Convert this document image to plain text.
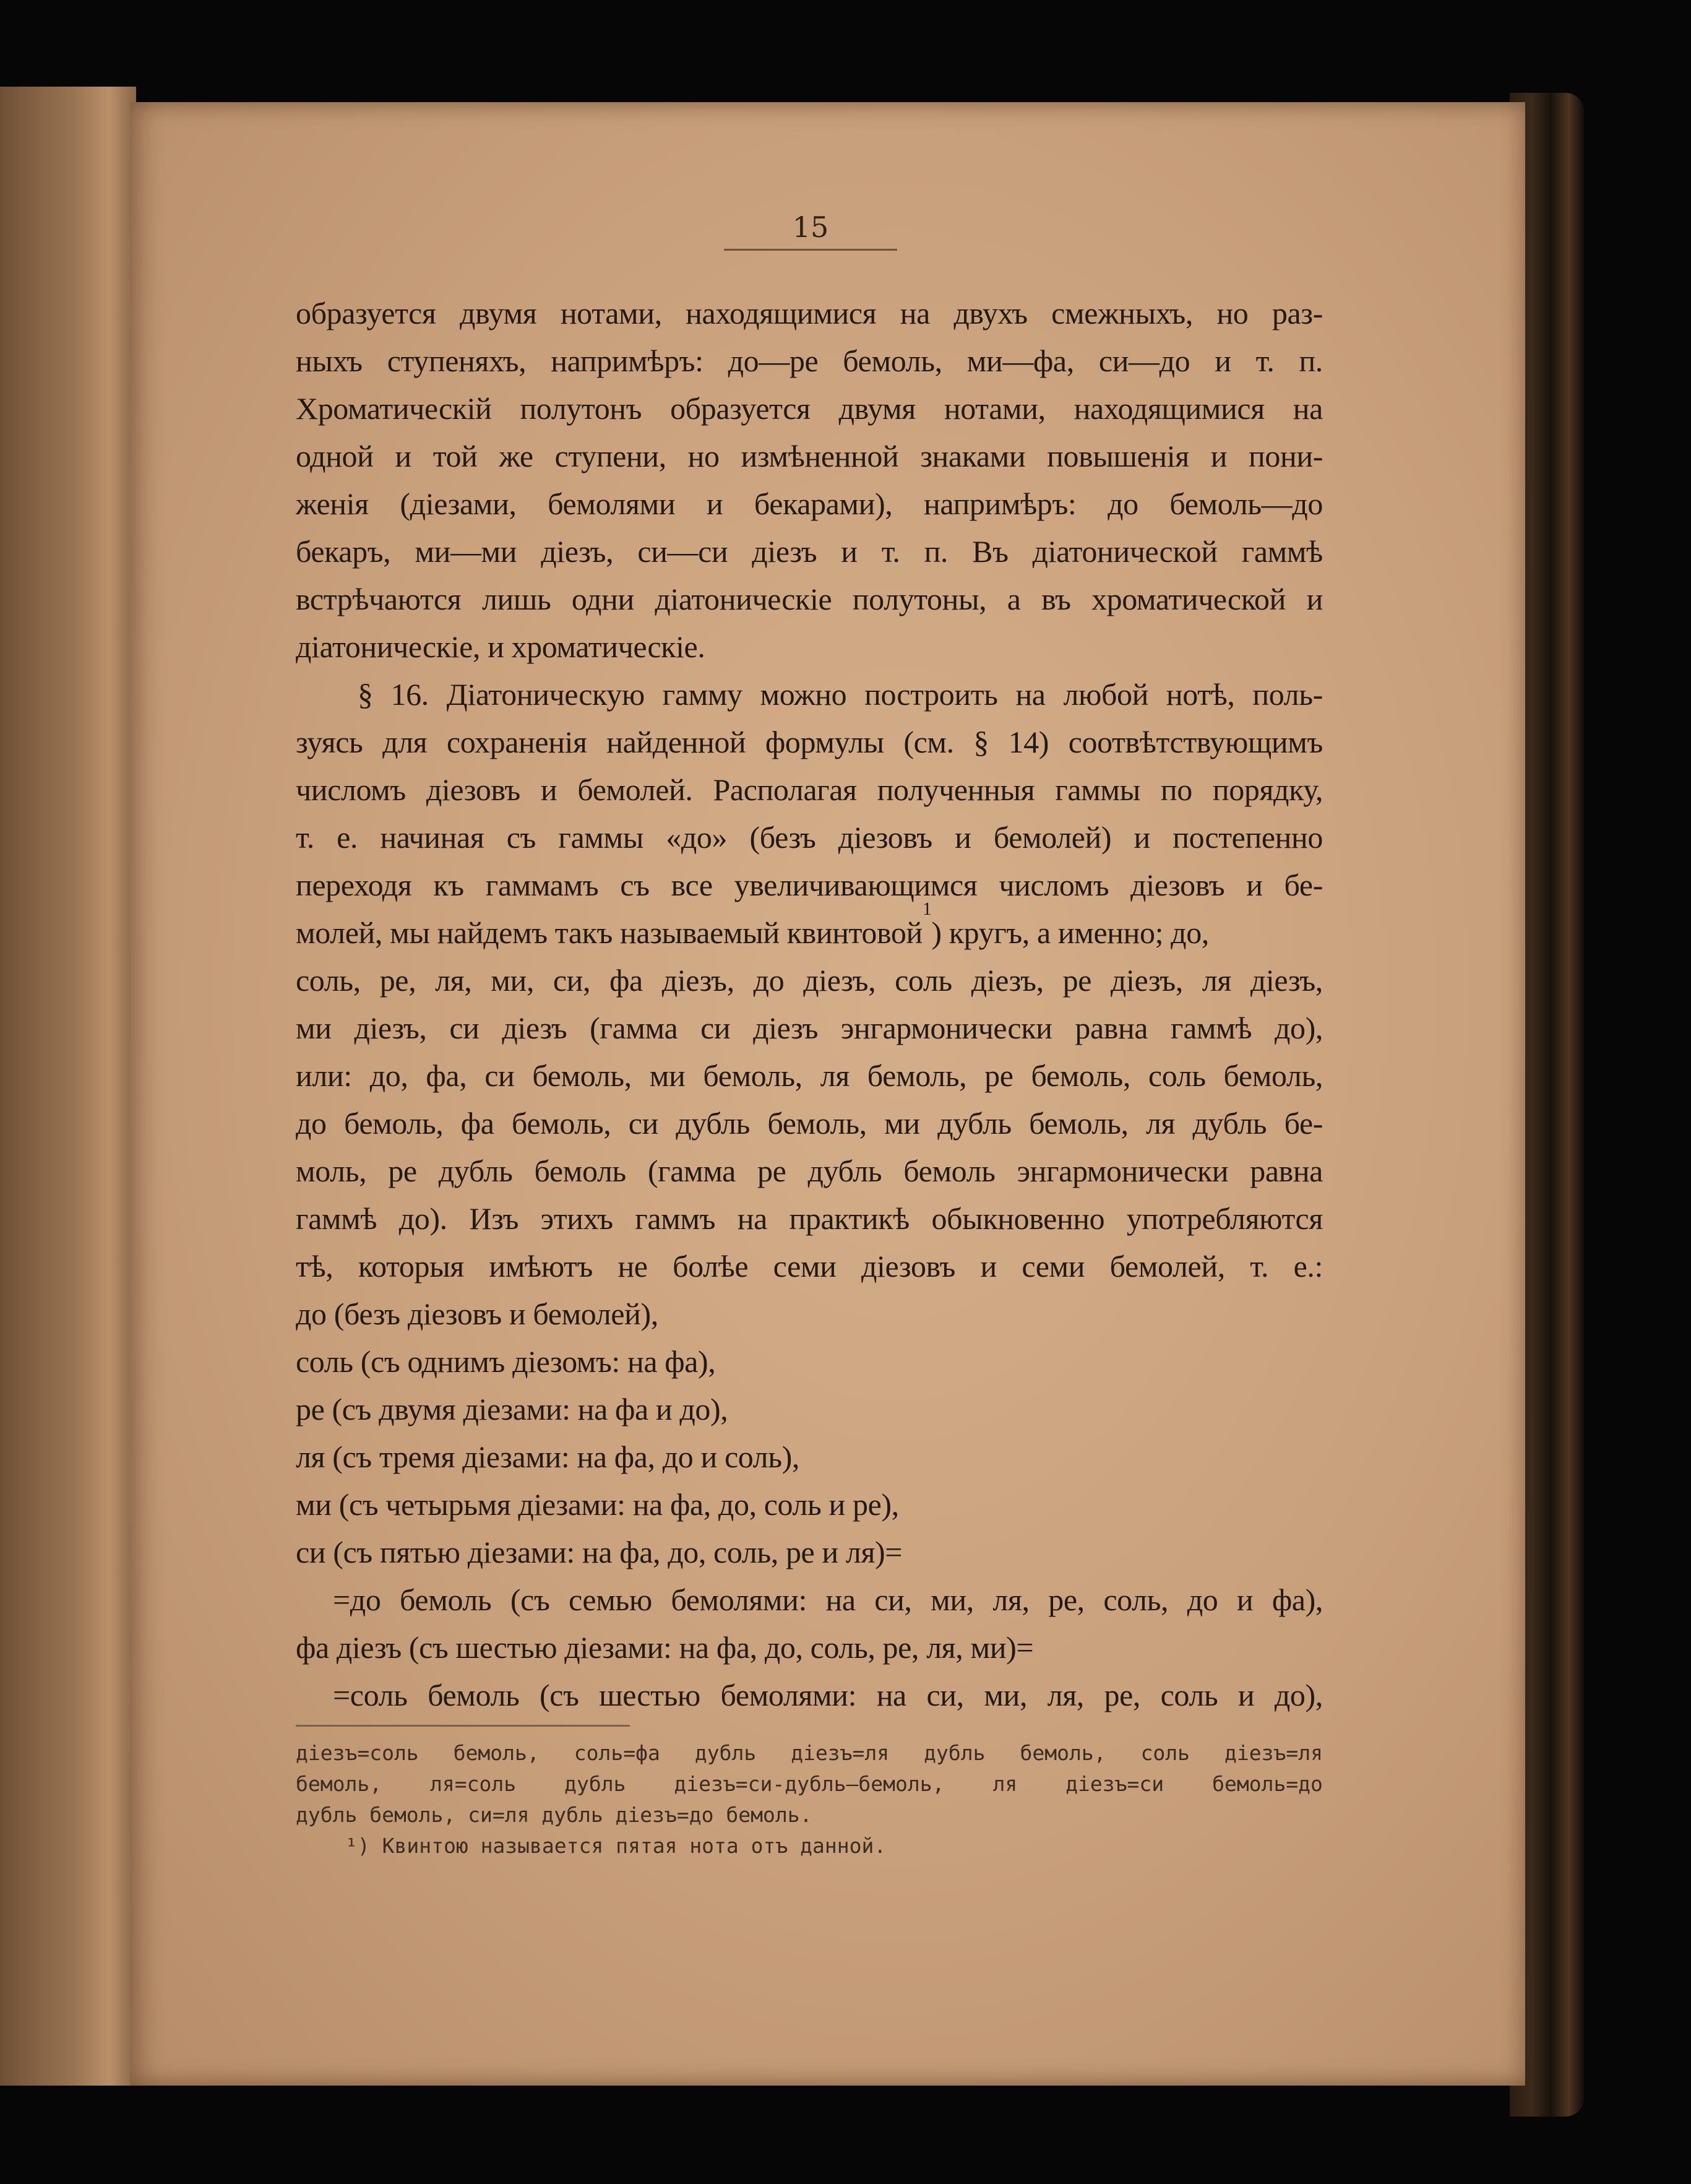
15
образуется двумя нотами, находящимися на двухъ смежныхъ, но раз-
ныхъ ступеняхъ, напримѣръ: до—ре бемоль, ми—фа, си—до и т. п.
Хроматическiй полутонъ образуется двумя нотами, находящимися на
одной и той же ступени, но измѣненной знаками повышенiя и пони-
женiя (дiезами, бемолями и бекарами), напримѣръ: до бемоль—до
бекаръ, ми—ми дiезъ, си—си дiезъ и т. п. Въ дiатонической гаммѣ
встрѣчаются лишь одни дiатоническiе полутоны, а въ хроматической и
дiатоническiе, и хроматическiе.
§ 16. Дiатоническую гамму можно построить на любой нотѣ, поль-
зуясь для сохраненiя найденной формулы (см. § 14) соотвѣтствующимъ
числомъ дiезовъ и бемолей. Располагая полученныя гаммы по порядку,
т. е. начиная съ гаммы «до» (безъ дiезовъ и бемолей) и постепенно
переходя къ гаммамъ съ все увеличивающимся числомъ дiезовъ и бе-
молей, мы найдемъ такъ называемый квинтовой
1
) кругъ, а именно; до,
соль, ре, ля, ми, си, фа дiезъ, до дiезъ, соль дiезъ, ре дiезъ, ля дiезъ,
ми дiезъ, си дiезъ (гамма си дiезъ энгармонически равна гаммѣ до),
или: до, фа, си бемоль, ми бемоль, ля бемоль, ре бемоль, соль бемоль,
до бемоль, фа бемоль, си дубль бемоль, ми дубль бемоль, ля дубль бе-
моль, ре дубль бемоль (гамма ре дубль бемоль энгармонически равна
гаммѣ до). Изъ этихъ гаммъ на практикѣ обыкновенно употребляются
тѣ, которыя имѣютъ не болѣе семи дiезовъ и семи бемолей, т. е.:
до (безъ дiезовъ и бемолей),
соль (съ однимъ дiезомъ: на фа),
ре (съ двумя дiезами: на фа и до),
ля (съ тремя дiезами: на фа, до и соль),
ми (съ четырьмя дiезами: на фа, до, соль и ре),
си (съ пятью дiезами: на фа, до, соль, ре и ля)=
=до бемоль (съ семью бемолями: на си, ми, ля, ре, соль, до и фа),
фа дiезъ (съ шестью дiезами: на фа, до, соль, ре, ля, ми)=
=соль бемоль (съ шестью бемолями: на си, ми, ля, ре, соль и до),
дiезъ=соль бемоль, соль=фа дубль дiезъ=ля дубль бемоль, соль дiезъ=ля
бемоль, ля=соль дубль дiезъ=си-дубль—бемоль, ля дiезъ=си бемоль=до
дубль бемоль, си=ля дубль дiезъ=до бемоль.
¹)
Квинтою называется пятая нота отъ данной.
